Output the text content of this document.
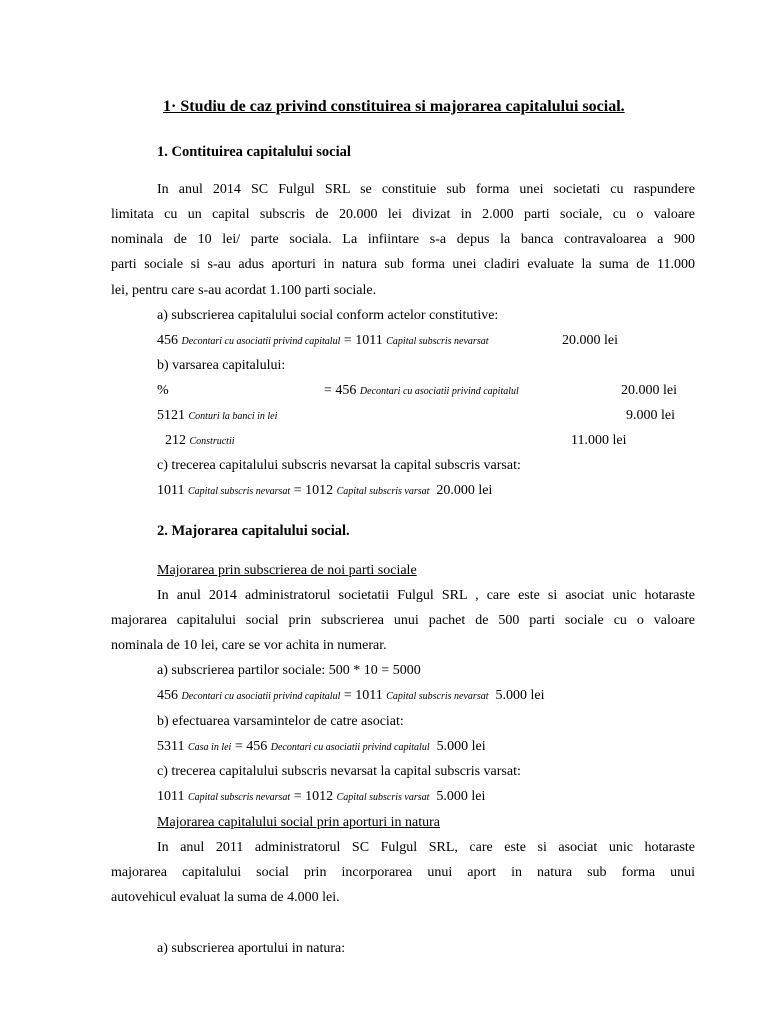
1· Studiu de caz privind constituirea si majorarea capitalului social.
1. Contituirea capitalului social
In anul 2014 SC Fulgul SRL se constituie sub forma unei societati cu raspundere
limitata cu un capital subscris de 20.000 lei divizat in 2.000 parti sociale, cu o valoare
nominala de 10 lei/ parte sociala. La infiintare s-a depus la banca contravaloarea a 900
parti sociale si s-au adus aporturi in natura sub forma unei cladiri evaluate la suma de 11.000
lei, pentru care s-au acordat 1.100 parti sociale.
a) subscrierea capitalului social conform actelor constitutive:
456 Decontari cu asociatii privind capitalul = 1011 Capital subscris nevarsat	20.000 lei
b) varsarea capitalului:
%	= 456 Decontari cu asociatii privind capitalul	20.000 lei
5121 Conturi la banci in lei	9.000 lei
212 Constructii	11.000 lei
c) trecerea capitalului subscris nevarsat la capital subscris varsat:
1011 Capital subscris nevarsat = 1012 Capital subscris varsat 20.000 lei
2. Majorarea capitalului social.
Majorarea prin subscrierea de noi parti sociale
In anul 2014 administratorul societatii Fulgul SRL , care este si asociat unic hotaraste
majorarea capitalului social prin subscrierea unui pachet de 500 parti sociale cu o valoare
nominala de 10 lei, care se vor achita in numerar.
a) subscrierea partilor sociale: 500 * 10 = 5000
456 Decontari cu asociatii privind capitalul = 1011 Capital subscris nevarsat 5.000 lei
b) efectuarea varsamintelor de catre asociat:
5311 Casa in lei = 456 Decontari cu asociatii privind capitalul 5.000 lei
c) trecerea capitalului subscris nevarsat la capital subscris varsat:
1011 Capital subscris nevarsat = 1012 Capital subscris varsat 5.000 lei
Majorarea capitalului social prin aporturi in natura
In anul 2011 administratorul SC Fulgul SRL, care este si asociat unic hotaraste
majorarea capitalului social prin incorporarea unui aport in natura sub forma unui
autovehicul evaluat la suma de 4.000 lei.
a) subscrierea aportului in natura:
